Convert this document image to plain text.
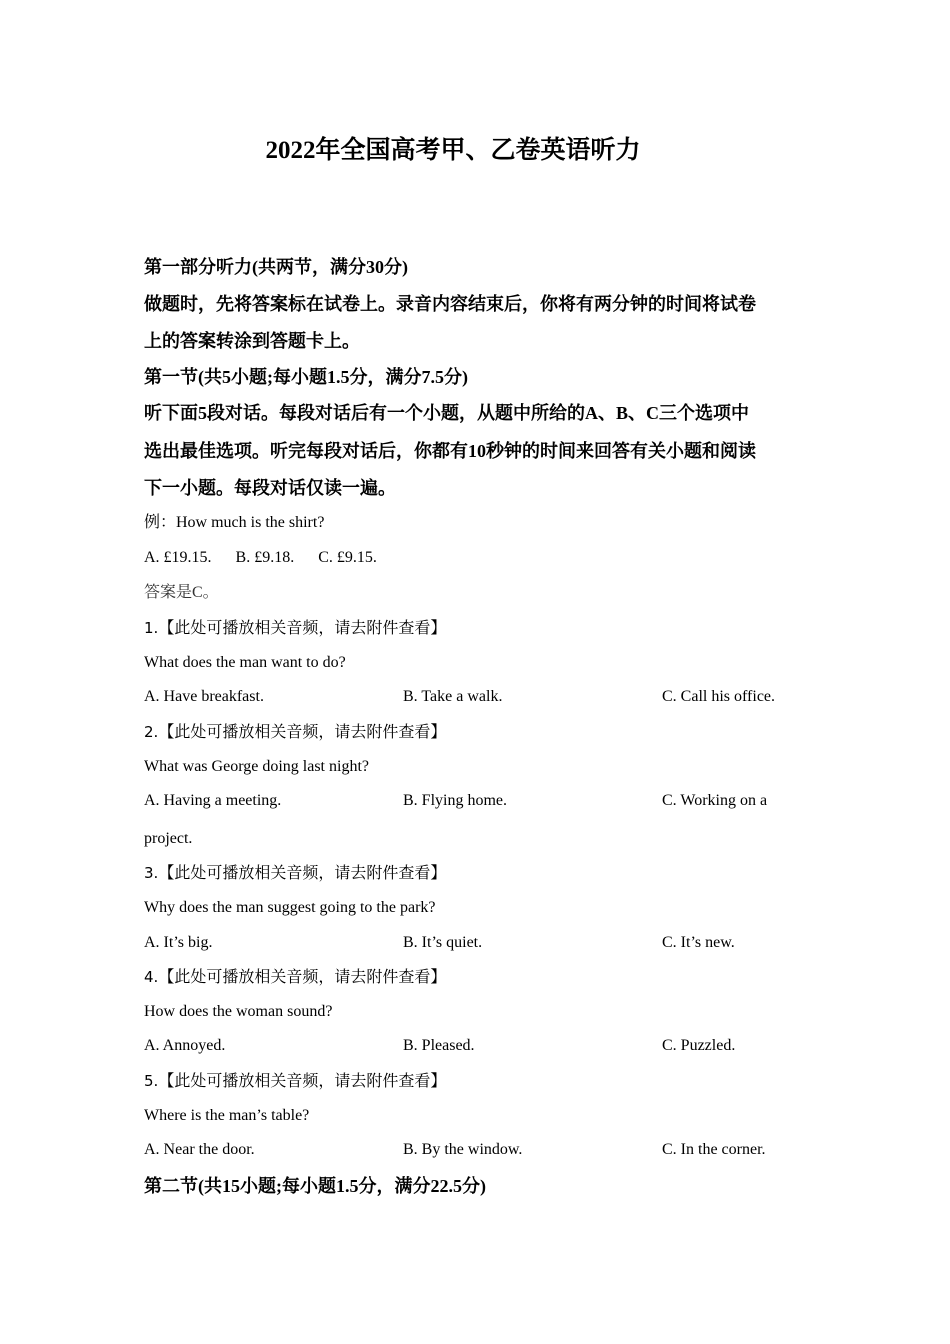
2022年全国高考甲、乙卷英语听力
第一部分听力(共两节，满分30分)
做题时，先将答案标在试卷上。录音内容结束后，你将有两分钟的时间将试卷
上的答案转涂到答题卡上。
第一节(共5小题;每小题1.5分，满分7.5分)
听下面5段对话。每段对话后有一个小题，从题中所给的A、B、C三个选项中
选出最佳选项。听完每段对话后，你都有10秒钟的时间来回答有关小题和阅读
下一小题。每段对话仅读一遍。
例：How much is the shirt?
A. £19.15.      B. £9.18.      C. £9.15.
答案是C。
1.【此处可播放相关音频，请去附件查看】
What does the man want to do?
A. Have breakfast.	B. Take a walk.	C. Call his office.
2.【此处可播放相关音频，请去附件查看】
What was George doing last night?
A. Having a meeting.	B. Flying home.	C. Working on a
project.
3.【此处可播放相关音频，请去附件查看】
Why does the man suggest going to the park?
A. It’s big.	B. It’s quiet.	C. It’s new.
4.【此处可播放相关音频，请去附件查看】
How does the woman sound?
A. Annoyed.	B. Pleased.	C. Puzzled.
5.【此处可播放相关音频，请去附件查看】
Where is the man’s table?
A. Near the door.	B. By the window.	C. In the corner.
第二节(共15小题;每小题1.5分，满分22.5分)
